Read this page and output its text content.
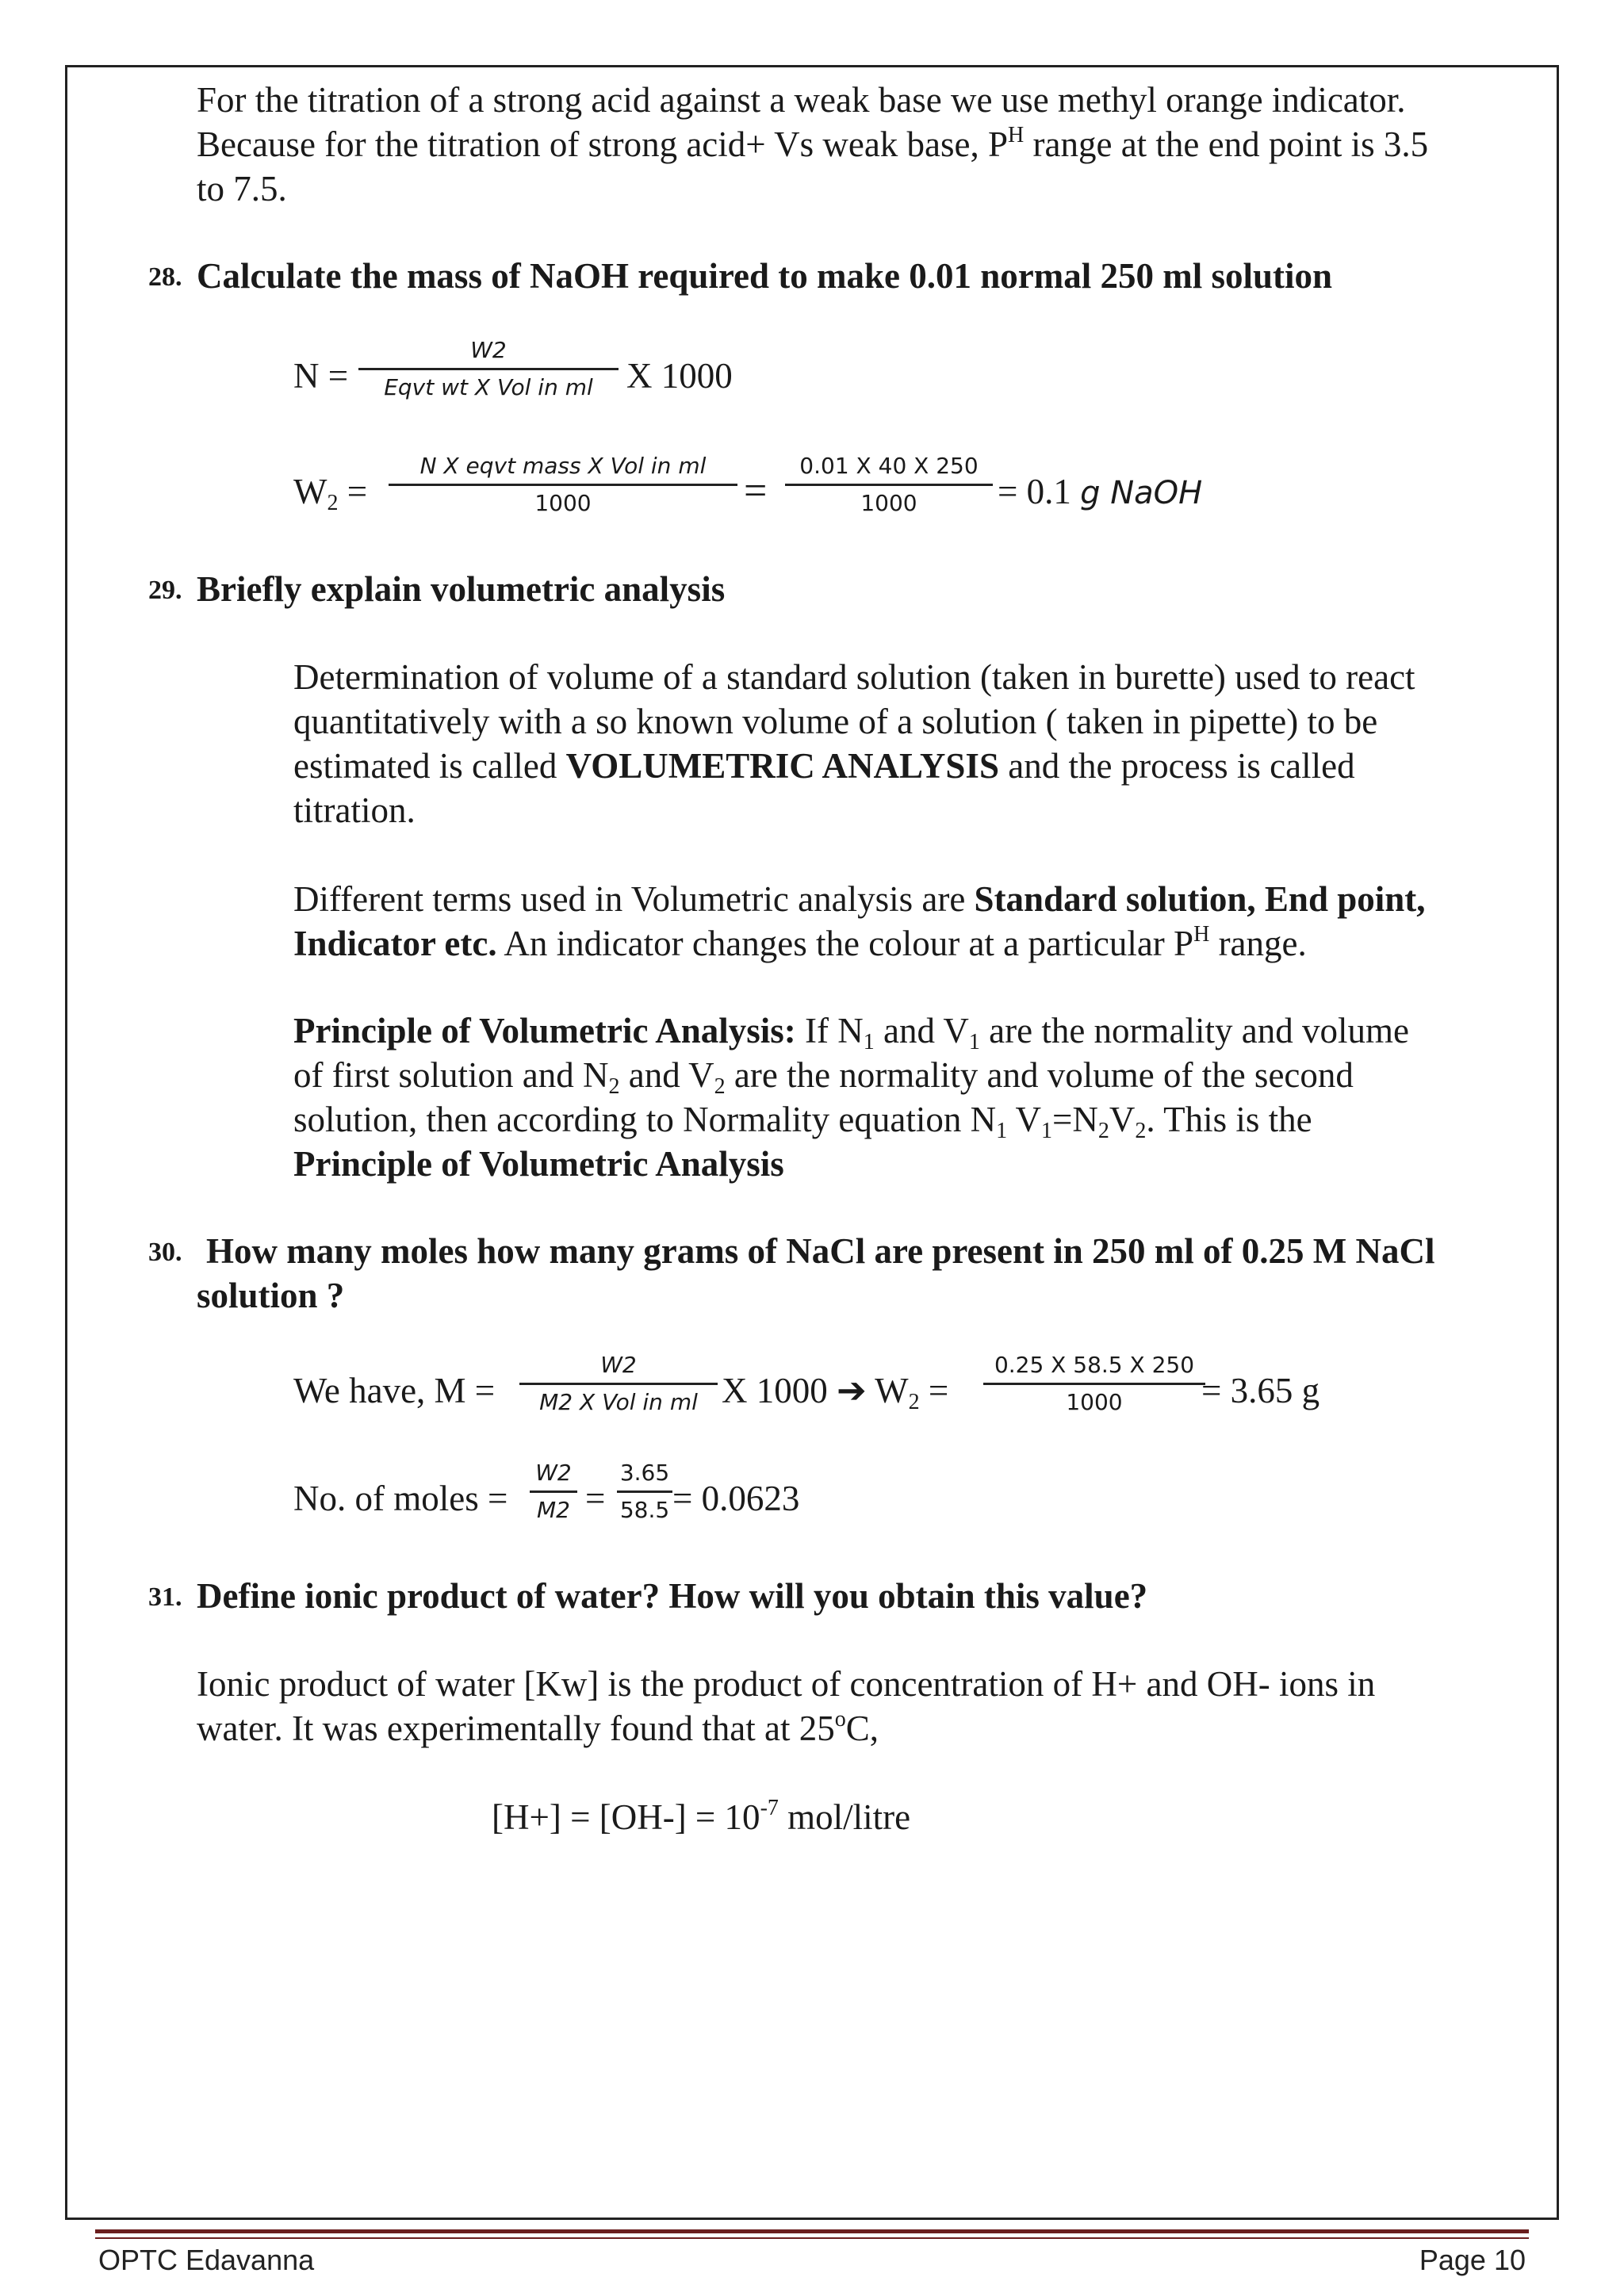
For the titration of a strong acid against a weak base we use methyl orange indicator.
Because for the titration of strong acid+ Vs weak base, $P^H$ range at the end point is 3.5
to 7.5.
28. Calculate the mass of NaOH required to make 0.01 normal 250 ml solution
N =
W2
Eqvt wt X Vol in ml X 1000
$W_2$ =
N X eqvt mass X Vol in ml
1000	=
0.01 X 40 X 250
1000 = 0.1 g NaOH
29. Briefly explain volumetric analysis
Determination of volume of a standard solution (taken in burette) used to react
quantitatively with a so known volume of a solution ( taken in pipette) to be
estimated is called VOLUMETRIC ANALYSIS and the process is called
titration.
Different terms used in Volumetric analysis are Standard solution, End point,
Indicator etc. An indicator changes the colour at a particular $P^H$ range.
Principle of Volumetric Analysis: If $N_1$ and $V_1$ are the normality and volume
of first solution and $N_2$ and $V_2$ are the normality and volume of the second
solution, then according to Normality equation $N_1$ $V_1=N_2V_2$. This is the
Principle of Volumetric Analysis
30. How many moles how many grams of NaCl are present in 250 ml of 0.25 M NaCl
solution ?
We have, M =
W2
M2 X Vol in ml X 1000 ➔ $W_2$ =
0.25 X 58.5 X 250
1000 = 3.65 g
No. of moles =
W2
M2 =
3.65
58.5 = 0.0623
31. Define ionic product of water? How will you obtain this value?
Ionic product of water [Kw] is the product of concentration of H+ and OH- ions in
water. It was experimentally found that at 25$^o$C,
$[H+] = [OH-] = 10^{-7}$ mol/litre
OPTC Edavanna	Page 10
